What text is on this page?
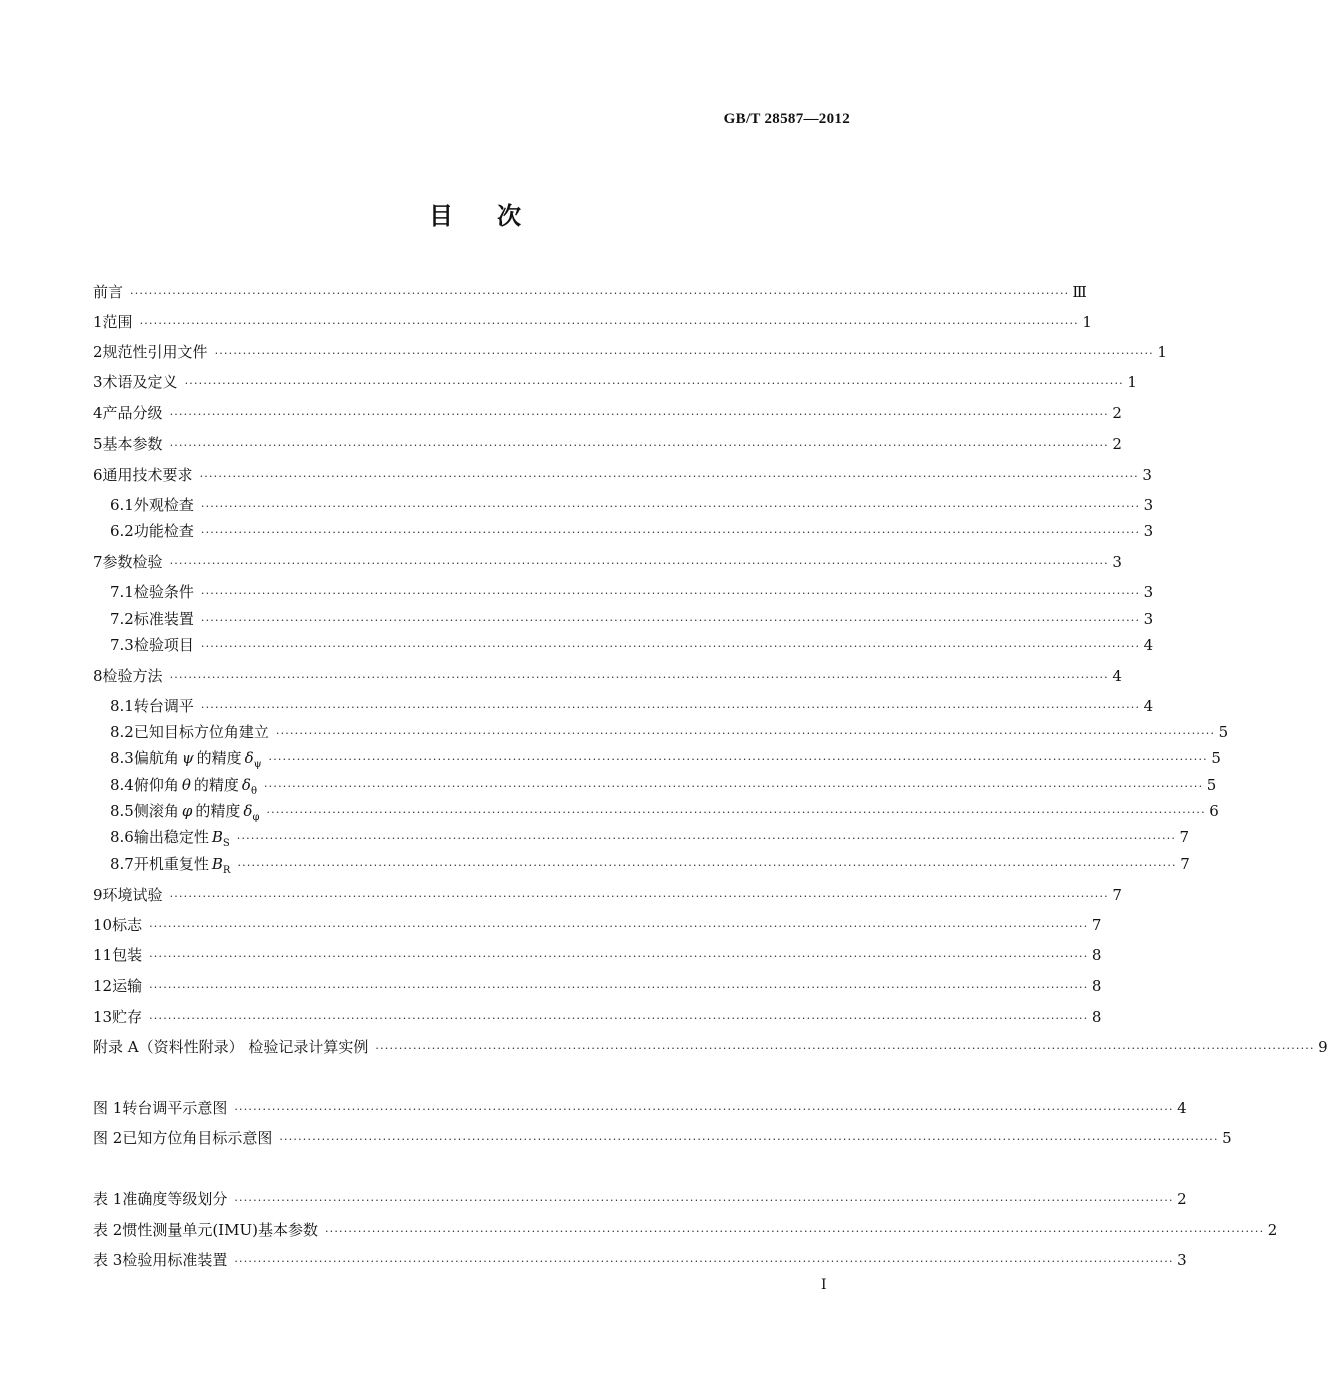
GB/T 28587—2012
目 次
前言 ········································································································································································································ Ⅲ
1 范围 ········································································································································································································ 1
2 规范性引用文件 ········································································································································································································ 1
3 术语及定义 ········································································································································································································ 1
4 产品分级 ········································································································································································································ 2
5 基本参数 ········································································································································································································ 2
6 通用技术要求 ········································································································································································································ 3
6.1 外观检查 ········································································································································································································ 3
6.2 功能检查 ········································································································································································································ 3
7 参数检验 ········································································································································································································ 3
7.1 检验条件 ········································································································································································································ 3
7.2 标准装置 ········································································································································································································ 3
7.3 检验项目 ········································································································································································································ 4
8 检验方法 ········································································································································································································ 4
8.1 转台调平 ········································································································································································································ 4
8.2 已知目标方位角建立 ········································································································································································································ 5
8.3 偏航角 ψ 的精度 $\delta_\psi$ ········································································································································································································ 5
8.4 俯仰角 θ 的精度 $\delta_\theta$ ········································································································································································································ 5
8.5 侧滚角 φ 的精度 $\delta_\varphi$ ········································································································································································································ 6
8.6 输出稳定性 $B_S$ ········································································································································································································ 7
8.7 开机重复性 $B_R$ ········································································································································································································ 7
9 环境试验 ········································································································································································································ 7
10 标志 ········································································································································································································ 7
11 包装 ········································································································································································································ 8
12 运输 ········································································································································································································ 8
13 贮存 ········································································································································································································ 8
附录 A（资料性附录） 检验记录计算实例 ········································································································································································································ 9
图 1 转台调平示意图 ········································································································································································································ 4
图 2 已知方位角目标示意图 ········································································································································································································ 5
表 1 准确度等级划分 ········································································································································································································ 2
表 2 惯性测量单元(IMU)基本参数 ········································································································································································································ 2
表 3 检验用标准装置 ········································································································································································································ 3
I
